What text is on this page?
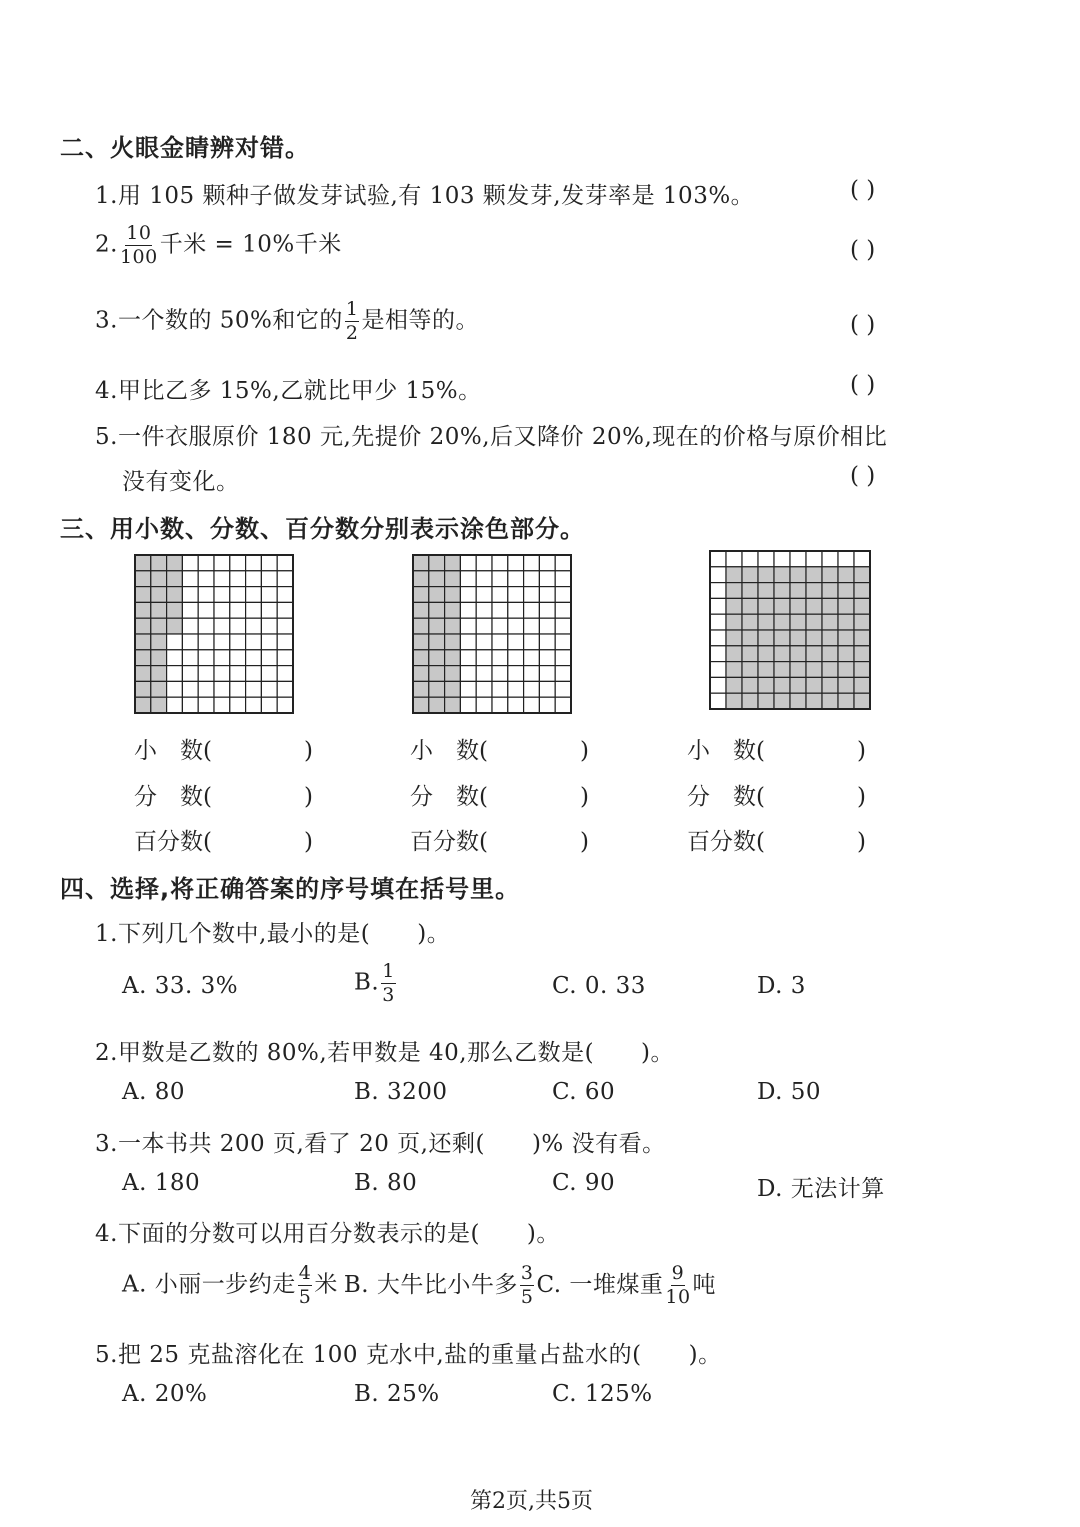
二、火眼金睛辨对错。
1.用 105 颗种子做发芽试验,有 103 颗发芽,发芽率是 103%。	( )
2. $\frac{10}{100}$ 千米 = 10%千米	( )
3.一个数的 50%和它的 $\frac{1}{2}$ 是相等的。	( )
4.甲比乙多 15%,乙就比甲少 15%。	( )
5.一件衣服原价 180 元,先提价 20%,后又降价 20%,现在的价格与原价相比
没有变化。	( )
三、用小数、分数、百分数分别表示涂色部分。
小　数(　　　　)
分　数(　　　　)
百分数(　　　　)
小　数(　　　　)
分　数(　　　　)
百分数(　　　　)
小　数(　　　　)
分　数(　　　　)
百分数(　　　　)
四、选择,将正确答案的序号填在括号里。
1.下列几个数中,最小的是(　　)。
A. 33. 3%	B. $\frac{1}{3}$	C. 0. 33	D. 3
2.甲数是乙数的 80%,若甲数是 40,那么乙数是(　　)。
A. 80	B. 3200	C. 60	D. 50
3.一本书共 200 页,看了 20 页,还剩(　　)% 没有看。
A. 180	B. 80	C. 90	D. 无法计算
4.下面的分数可以用百分数表示的是(　　)。
A. 小丽一步约走 $\frac{4}{5}$ 米 B. 大牛比小牛多 $\frac{3}{5} C$. 一堆煤重 $\frac{9}{10}$ 吨
5.把 25 克盐溶化在 100 克水中,盐的重量占盐水的(　　)。
A. 20%	B. 25%	C. 125%
第2页,共5页
